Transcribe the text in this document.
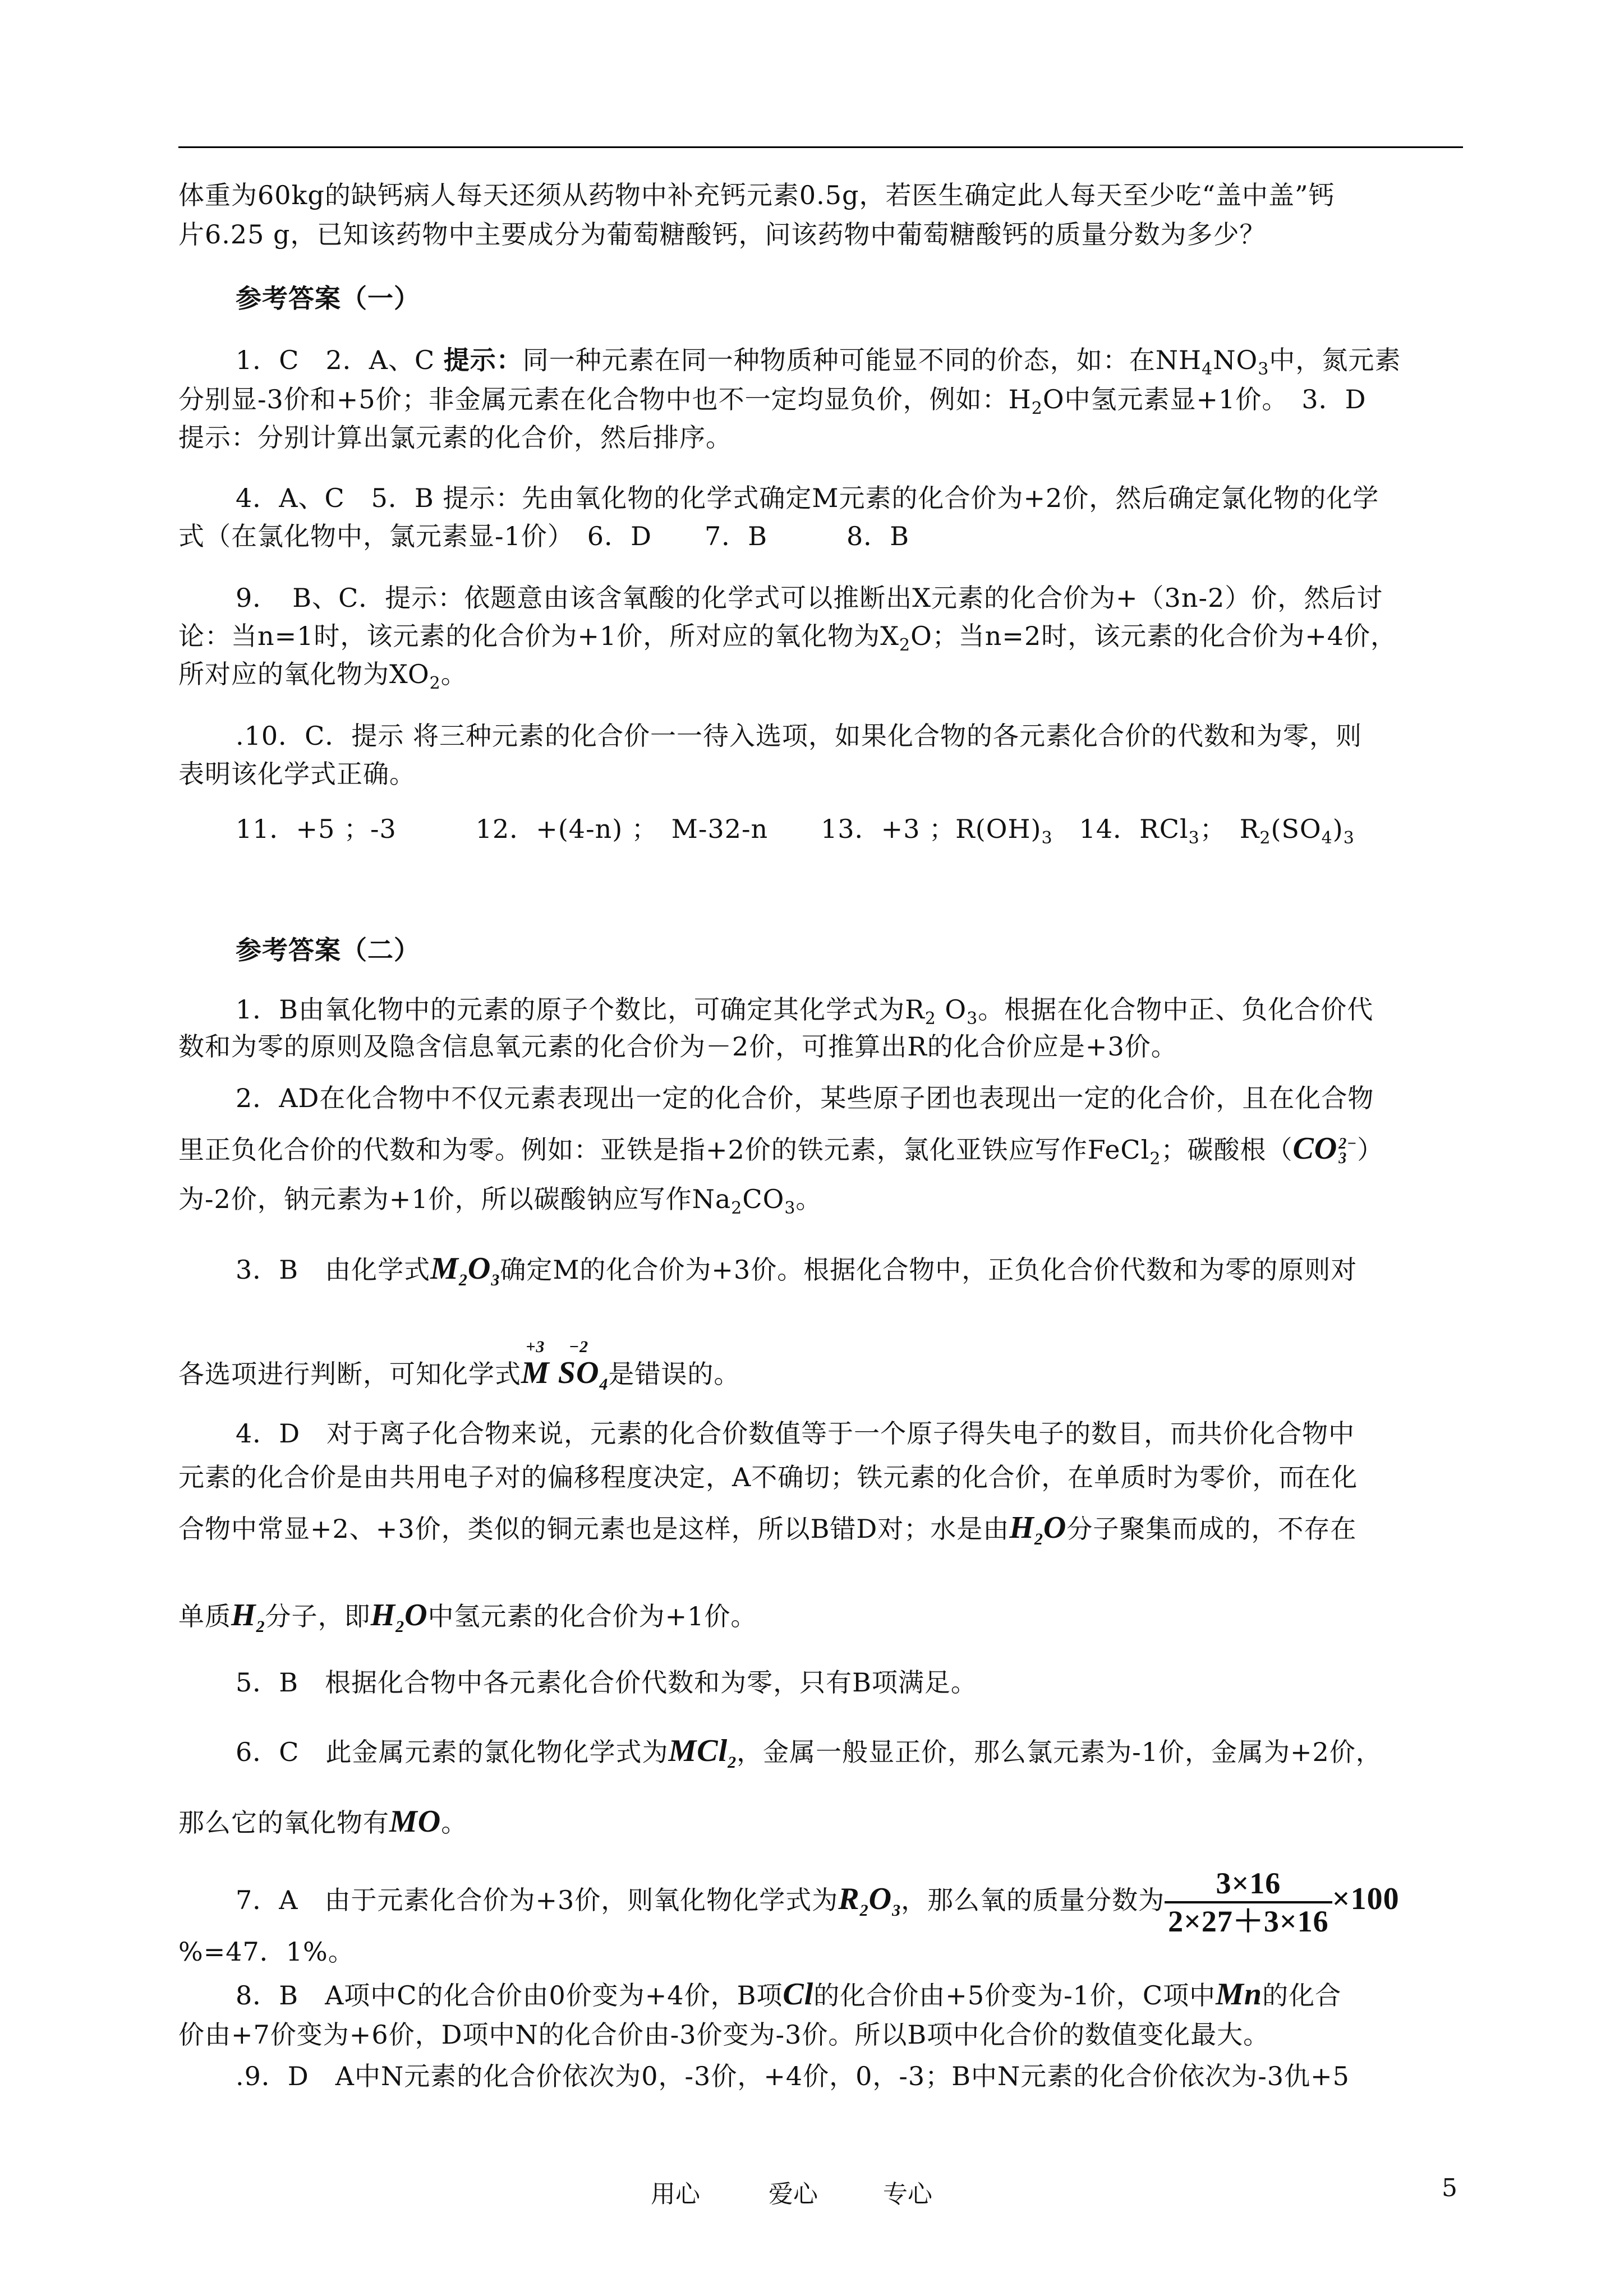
体重为60kg的缺钙病人每天还须从药物中补充钙元素0.5g，若医生确定此人每天至少吃“盖中盖”钙
片6.25 g，已知该药物中主要成分为葡萄糖酸钙，问该药物中葡萄糖酸钙的质量分数为多少？
参考答案（一）
1．C　2．A、C 提示：同一种元素在同一种物质种可能显不同的价态，如：在$NH_4NO_3$中，氮元素
分别显-3价和+5价；非金属元素在化合物中也不一定均显负价，例如：$H_2O$中氢元素显+1价。　3．D
提示：分别计算出氯元素的化合价，然后排序。
4．A、C　5．B 提示：先由氧化物的化学式确定M元素的化合价为+2价，然后确定氯化物的化学
式（在氯化物中，氯元素显-1价）　6．D　　7．B　　　8．B
9．　B、C．提示：依题意由该含氧酸的化学式可以推断出X元素的化合价为+（3n-2）价，然后讨
论：当n=1时，该元素的化合价为+1价，所对应的氧化物为$X_2O$；当n=2时，该元素的化合价为+4价，
所对应的氧化物为$XO_2$。
.10．C．提示 将三种元素的化合价一一待入选项，如果化合物的各元素化合价的代数和为零，则
表明该化学式正确。
11．+5 ；-3　　　12．+(4-n) ；　M-32-n　　13．+3 ；$R(OH)_3$　14．RCl$_3$；　$R_2(SO_4)_3$
参考答案（二）
1．B由氧化物中的元素的原子个数比，可确定其化学式为$R_2$ $O_3$。根据在化合物中正、负化合价代
数和为零的原则及隐含信息氧元素的化合价为－2价，可推算出R的化合价应是+3价。
2．AD在化合物中不仅元素表现出一定的化合价，某些原子团也表现出一定的化合价，且在化合物
里正负化合价的代数和为零。例如：亚铁是指+2价的铁元素，氯化亚铁应写作FeCl$_2$；碳酸根（CO 2−
3 ）
为-2价，钠元素为+1价，所以碳酸钠应写作$Na_2CO_3$。
3．B　由化学式$M_2O_3$确定M的化合价为+3价。根据化合物中，正负化合价代数和为零的原则对
各选项进行判断，可知化学式
+3
M
−2
$SO_4$是错误的。
4．D　对于离子化合物来说，元素的化合价数值等于一个原子得失电子的数目，而共价化合物中
元素的化合价是由共用电子对的偏移程度决定，A不确切；铁元素的化合价，在单质时为零价，而在化
合物中常显+2、+3价，类似的铜元素也是这样，所以B错D对；水是由$H_2O$分子聚集而成的，不存在
单质$H_2$分子，即$H_2O$中氢元素的化合价为+1价。
5．B　根据化合物中各元素化合价代数和为零，只有B项满足。
6．C　此金属元素的氯化物化学式为MCl$_2$，金属一般显正价，那么氯元素为-1价，金属为+2价，
那么它的氧化物有MO。
7．A　由于元素化合价为+3价，则氧化物化学式为$R_2O_3$，那么氧的质量分数为 $\frac{3\times 16}{2\times 27+3\times 16} \times 100$
%=47．1%。
8．B　A项中C的化合价由0价变为+4价，B项Cl的化合价由+5价变为-1价，C项中Mn的化合
价由+7价变为+6价，D项中N的化合价由-3价变为-3价。所以B项中化合价的数值变化最大。
.9．D　A中N元素的化合价依次为0，-3价，+4价，0，-3；B中N元素的化合价依次为-3仇+5
用心	爱心	专心	5
